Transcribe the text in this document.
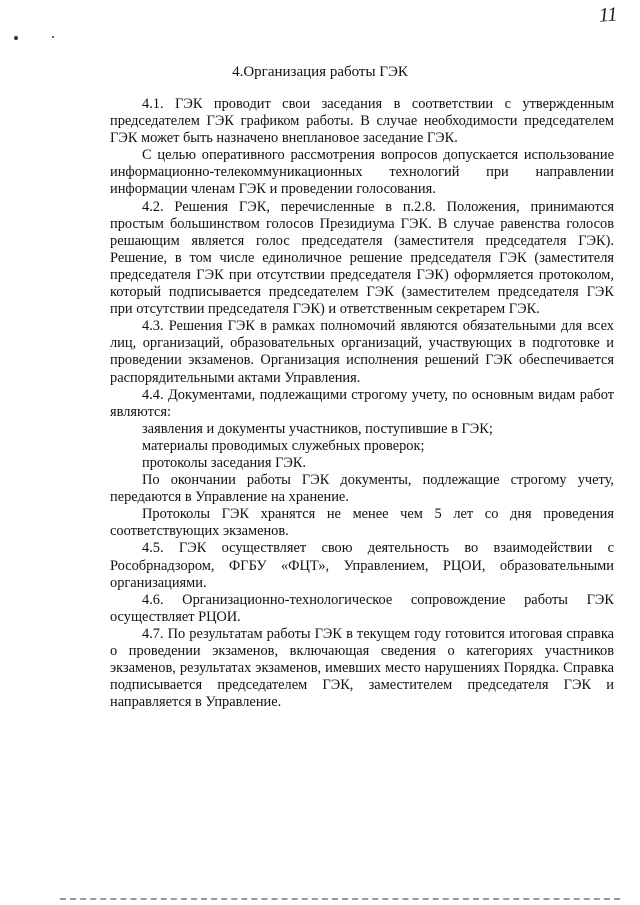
11
4.Организация работы ГЭК

4.1. ГЭК проводит свои заседания в соответствии с утвержденным председателем ГЭК графиком работы. В случае необходимости председателем ГЭК может быть назначено внеплановое заседание ГЭК.

С целью оперативного рассмотрения вопросов допускается использование информационно-телекоммуникационных технологий при направлении информации членам ГЭК и проведении голосования.

4.2. Решения ГЭК, перечисленные в п.2.8. Положения, принимаются простым большинством голосов Президиума ГЭК. В случае равенства голосов решающим является голос председателя (заместителя председателя ГЭК). Решение, в том числе единоличное решение председателя ГЭК (заместителя председателя ГЭК при отсутствии председателя ГЭК) оформляется протоколом, который подписывается председателем ГЭК (заместителем председателя ГЭК при отсутствии председателя ГЭК) и ответственным секретарем ГЭК.

4.3. Решения ГЭК в рамках полномочий являются обязательными для всех лиц, организаций, образовательных организаций, участвующих в подготовке и проведении экзаменов. Организация исполнения решений ГЭК обеспечивается распорядительными актами Управления.

4.4. Документами, подлежащими строгому учету, по основным видам работ являются:

заявления и документы участников, поступившие в ГЭК;

материалы проводимых служебных проверок;

протоколы заседания ГЭК.

По окончании работы ГЭК документы, подлежащие строгому учету, передаются в Управление на хранение.

Протоколы ГЭК хранятся не менее чем 5 лет со дня проведения соответствующих экзаменов.

4.5. ГЭК осуществляет свою деятельность во взаимодействии с Рособрнадзором, ФГБУ «ФЦТ», Управлением, РЦОИ, образовательными организациями.

4.6. Организационно-технологическое сопровождение работы ГЭК осуществляет РЦОИ.

4.7. По результатам работы ГЭК в текущем году готовится итоговая справка о проведении экзаменов, включающая сведения о категориях участников экзаменов, результатах экзаменов, имевших место нарушениях Порядка. Справка подписывается председателем ГЭК, заместителем председателя ГЭК и направляется в Управление.
